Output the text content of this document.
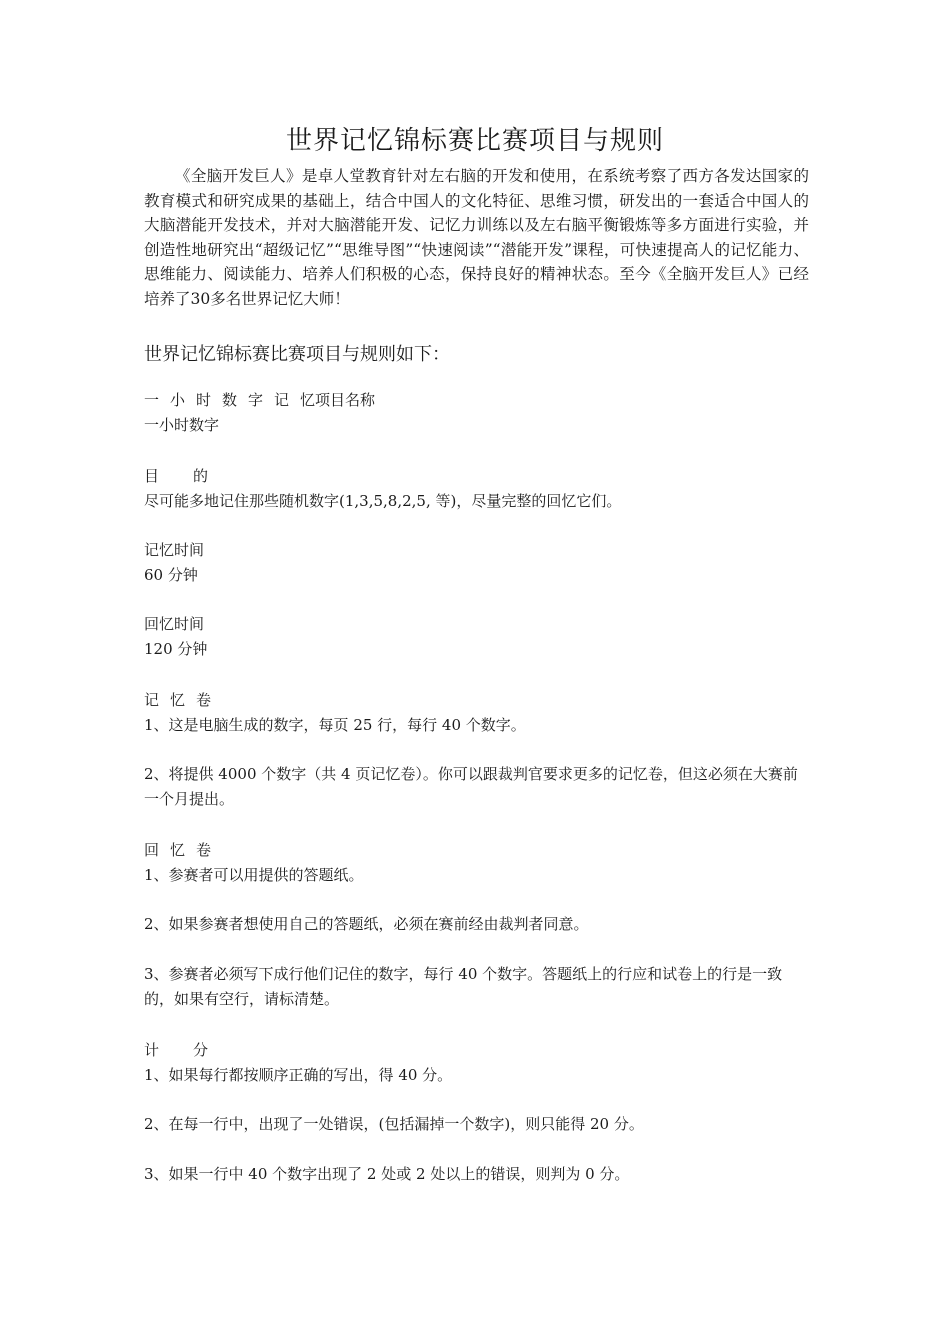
世界记忆锦标赛比赛项目与规则

《全脑开发巨人》是卓人堂教育针对左右脑的开发和使用，在系统考察了西方各发达国家的教育模式和研究成果的基础上，结合中国人的文化特征、思维习惯，研发出的一套适合中国人的大脑潜能开发技术，并对大脑潜能开发、记忆力训练以及左右脑平衡锻炼等多方面进行实验，并创造性地研究出“超级记忆”“思维导图”“快速阅读”“潜能开发”课程，可快速提高人的记忆能力、思维能力、阅读能力、培养人们积极的心态，保持良好的精神状态。至今《全脑开发巨人》已经培养了30多名世界记忆大师！

世界记忆锦标赛比赛项目与规则如下：

一小时数字记忆项目名称

一小时数字

目的

尽可能多地记住那些随机数字(1,3,5,8,2,5, 等)，尽量完整的回忆它们。

记忆时间

60 分钟

回忆时间

120 分钟

记忆卷

1、这是电脑生成的数字，每页 25 行，每行 40 个数字。

2、将提供 4000 个数字（共 4 页记忆卷）。你可以跟裁判官要求更多的记忆卷，但这必须在大赛前一个月提出。

回忆卷

1、参赛者可以用提供的答题纸。

2、如果参赛者想使用自己的答题纸，必须在赛前经由裁判者同意。

3、参赛者必须写下成行他们记住的数字，每行 40 个数字。答题纸上的行应和试卷上的行是一致的，如果有空行，请标清楚。

计分

1、如果每行都按顺序正确的写出，得 40 分。

2、在每一行中，出现了一处错误，(包括漏掉一个数字)，则只能得 20 分。

3、如果一行中 40 个数字出现了 2 处或 2 处以上的错误，则判为 0 分。
